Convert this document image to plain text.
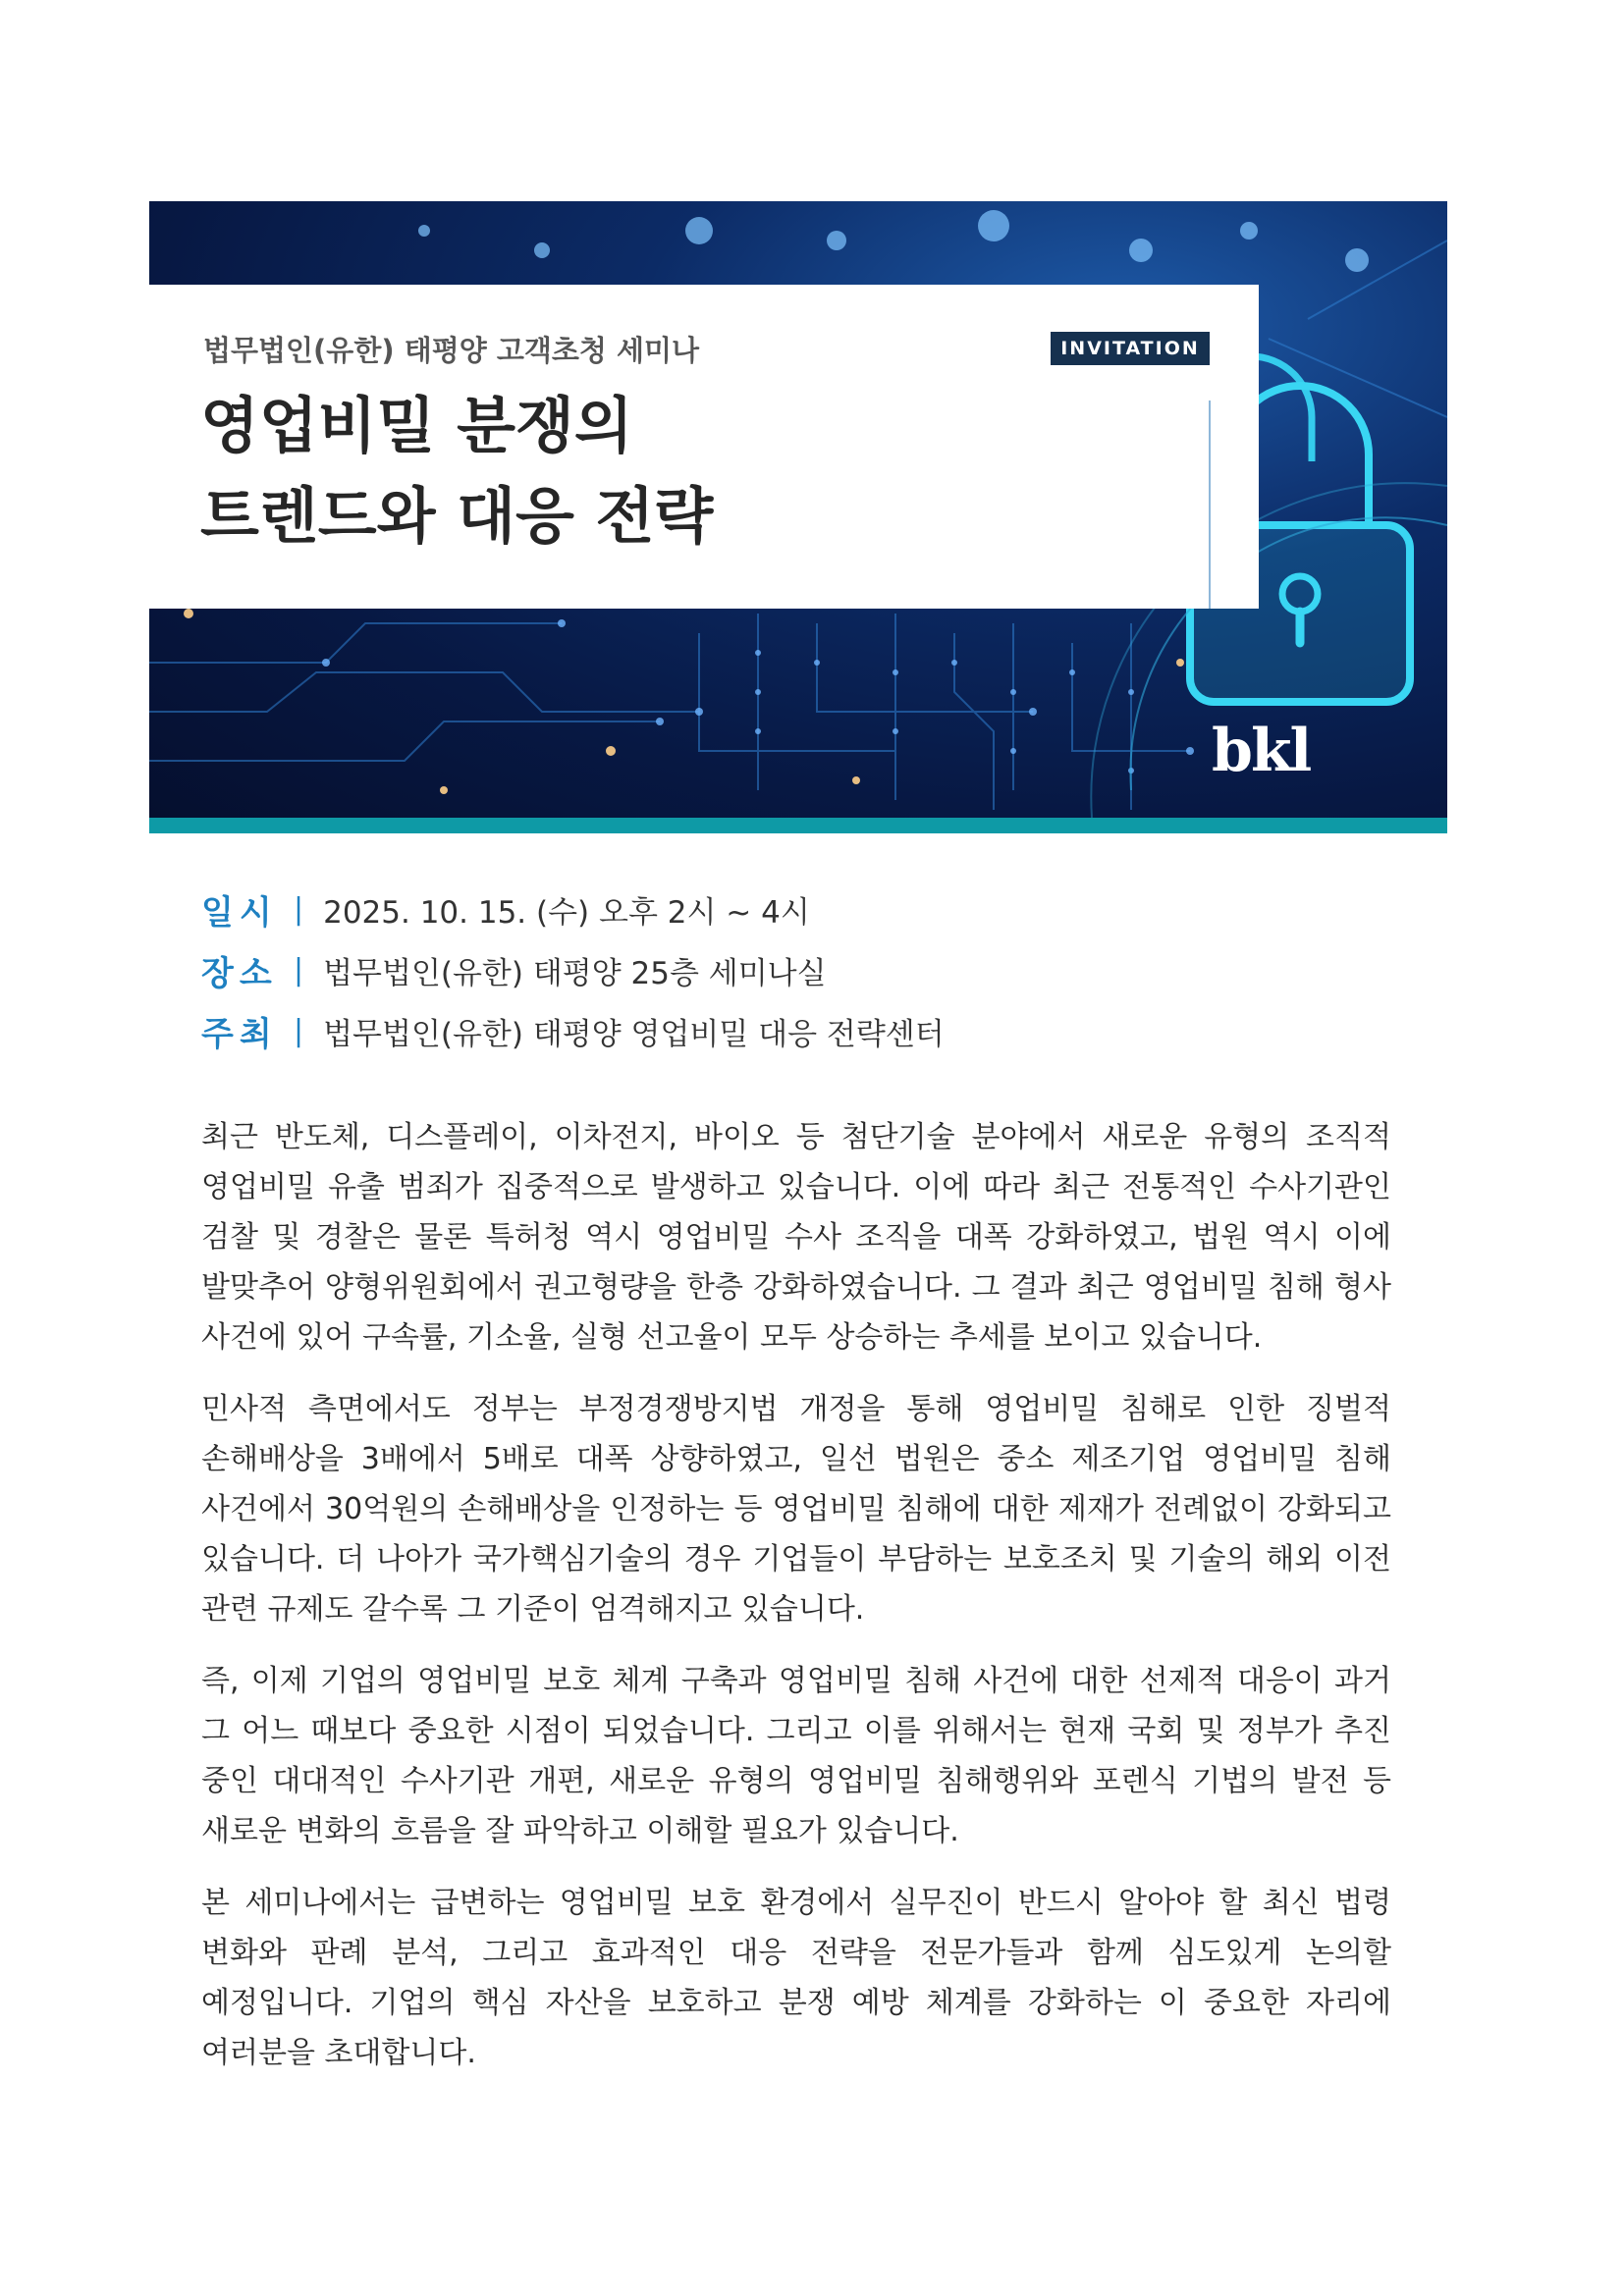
법무법인(유한) 태평양 고객초청 세미나	INVITATION
영업비밀 분쟁의
트렌드와 대응 전략
bkl
일시 | 2025. 10. 15. (수) 오후 2시 ~ 4시
장소 | 법무법인(유한) 태평양 25층 세미나실
주최 | 법무법인(유한) 태평양 영업비밀 대응 전략센터

최근 반도체, 디스플레이, 이차전지, 바이오 등 첨단기술 분야에서 새로운 유형의 조직적 영업비밀 유출 범죄가 집중적으로 발생하고 있습니다. 이에 따라 최근 전통적인 수사기관인 검찰 및 경찰은 물론 특허청 역시 영업비밀 수사 조직을 대폭 강화하였고, 법원 역시 이에 발맞추어 양형위원회에서 권고형량을 한층 강화하였습니다. 그 결과 최근 영업비밀 침해 형사 사건에 있어 구속률, 기소율, 실형 선고율이 모두 상승하는 추세를 보이고 있습니다.

민사적 측면에서도 정부는 부정경쟁방지법 개정을 통해 영업비밀 침해로 인한 징벌적 손해배상을 3배에서 5배로 대폭 상향하였고, 일선 법원은 중소 제조기업 영업비밀 침해 사건에서 30억원의 손해배상을 인정하는 등 영업비밀 침해에 대한 제재가 전례없이 강화되고 있습니다. 더 나아가 국가핵심기술의 경우 기업들이 부담하는 보호조치 및 기술의 해외 이전 관련 규제도 갈수록 그 기준이 엄격해지고 있습니다.

즉, 이제 기업의 영업비밀 보호 체계 구축과 영업비밀 침해 사건에 대한 선제적 대응이 과거 그 어느 때보다 중요한 시점이 되었습니다. 그리고 이를 위해서는 현재 국회 및 정부가 추진 중인 대대적인 수사기관 개편, 새로운 유형의 영업비밀 침해행위와 포렌식 기법의 발전 등 새로운 변화의 흐름을 잘 파악하고 이해할 필요가 있습니다.

본 세미나에서는 급변하는 영업비밀 보호 환경에서 실무진이 반드시 알아야 할 최신 법령 변화와 판례 분석, 그리고 효과적인 대응 전략을 전문가들과 함께 심도있게 논의할 예정입니다. 기업의 핵심 자산을 보호하고 분쟁 예방 체계를 강화하는 이 중요한 자리에 여러분을 초대합니다.
